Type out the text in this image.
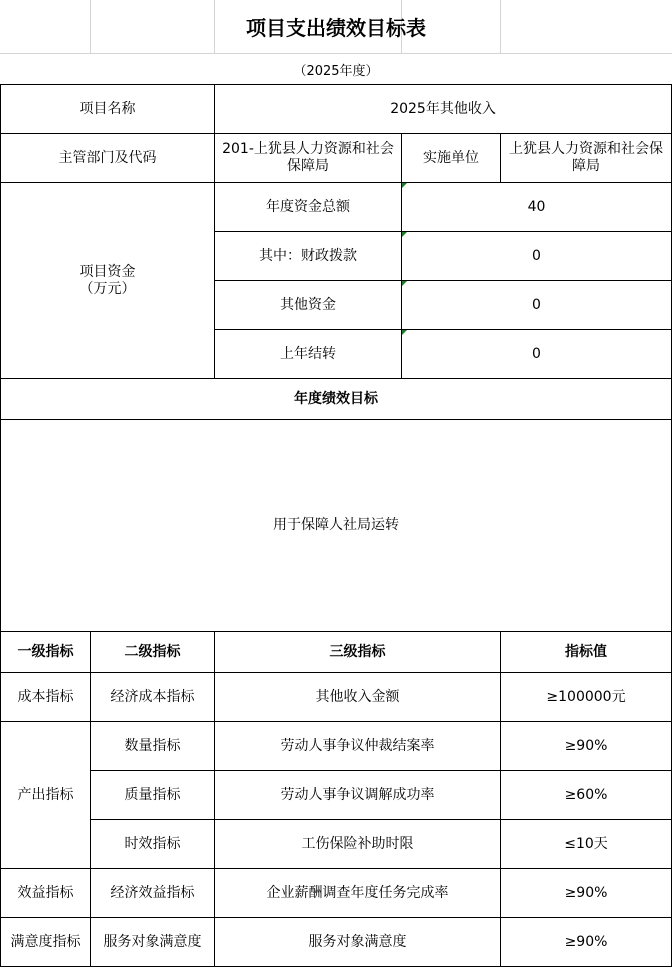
项目支出绩效目标表
（2025年度）
项目名称		2025年其他收入		
主管部门及代码		201-上犹县人力资源和社会保障局	实施单位	上犹县人力资源和社会保障局
项目资金
（万元）		年度资金总额	40	
		其中：财政拨款	0	
		其他资金	0	
		上年结转	0	
年度绩效目标				
用于保障人社局运转				
一级指标	二级指标	三级指标		指标值
成本指标	经济成本指标	其他收入金额		≥100000元
产出指标	数量指标	劳动人事争议仲裁结案率		≥90%
	质量指标	劳动人事争议调解成功率		≥60%
	时效指标	工伤保险补助时限		≤10天
效益指标	经济效益指标	企业薪酬调查年度任务完成率		≥90%
满意度指标	服务对象满意度	服务对象满意度		≥90%
